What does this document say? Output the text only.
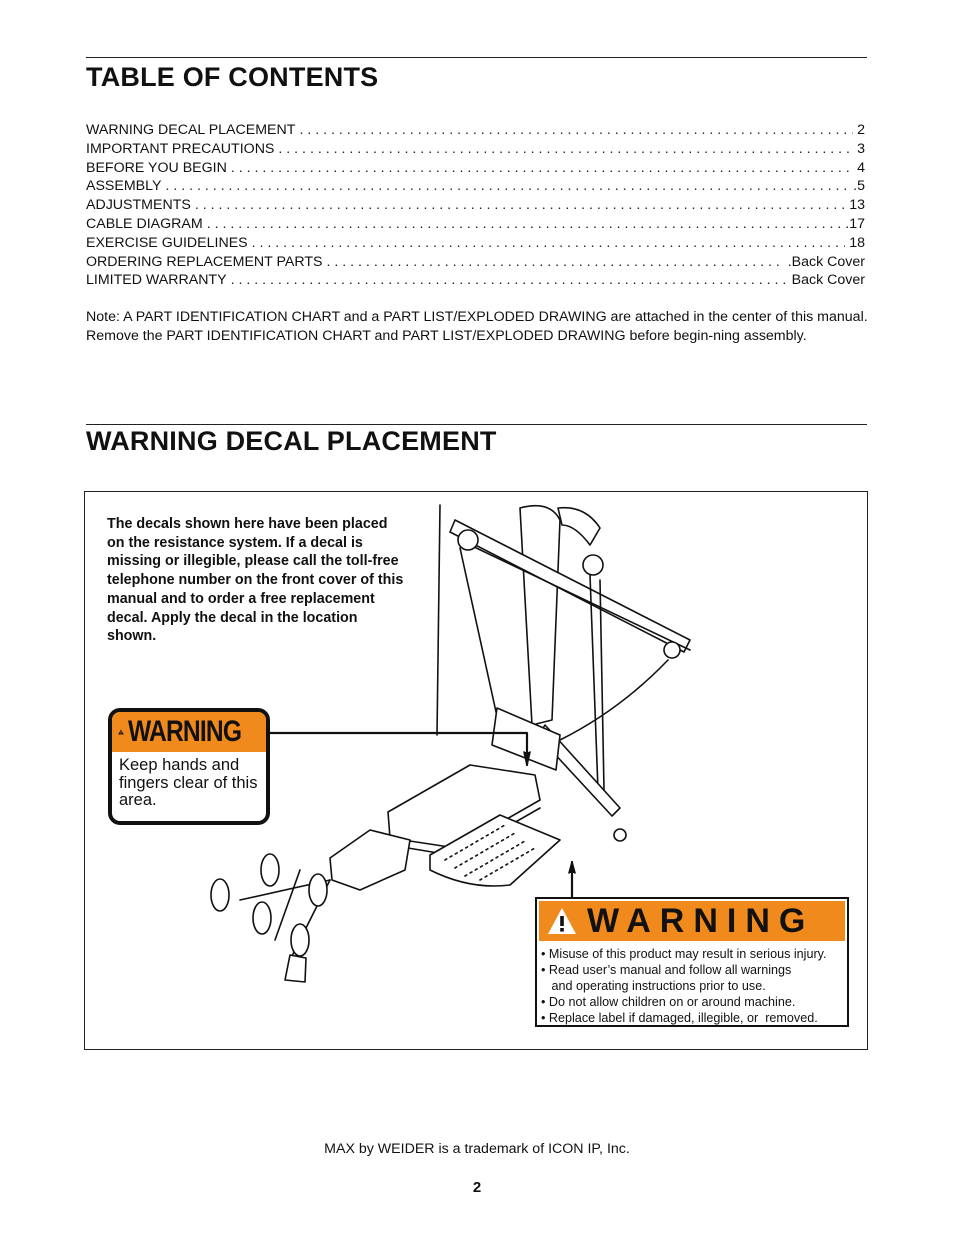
TABLE OF CONTENTS
WARNING DECAL PLACEMENT . . .	2
IMPORTANT PRECAUTIONS . . .	3
BEFORE YOU BEGIN . . .	4
ASSEMBLY . . .	.5
ADJUSTMENTS . . .	13
CABLE DIAGRAM . . .	.17
EXERCISE GUIDELINES . . .	18
ORDERING REPLACEMENT PARTS . . .	.Back Cover
LIMITED WARRANTY . . .	Back Cover

Note: A PART IDENTIFICATION CHART and a PART LIST/EXPLODED DRAWING are attached in the center of this manual. Remove the PART IDENTIFICATION CHART and PART LIST/EXPLODED DRAWING before begin-ning assembly.

WARNING DECAL PLACEMENT

The decals shown here have been placed on the resistance system. If a decal is missing or illegible, please call the toll-free telephone number on the front cover of this manual and to order a free replacement decal. Apply the decal in the location shown.

WARNING
Keep hands and fingers clear of this area.
WARNING
• Misuse of this product may result in serious injury.
• Read user’s manual and follow all warnings
and operating instructions prior to use.
• Do not allow children on or around machine.
• Replace label if damaged, illegible, or  removed.

MAX by WEIDER is a trademark of ICON IP, Inc.

2
